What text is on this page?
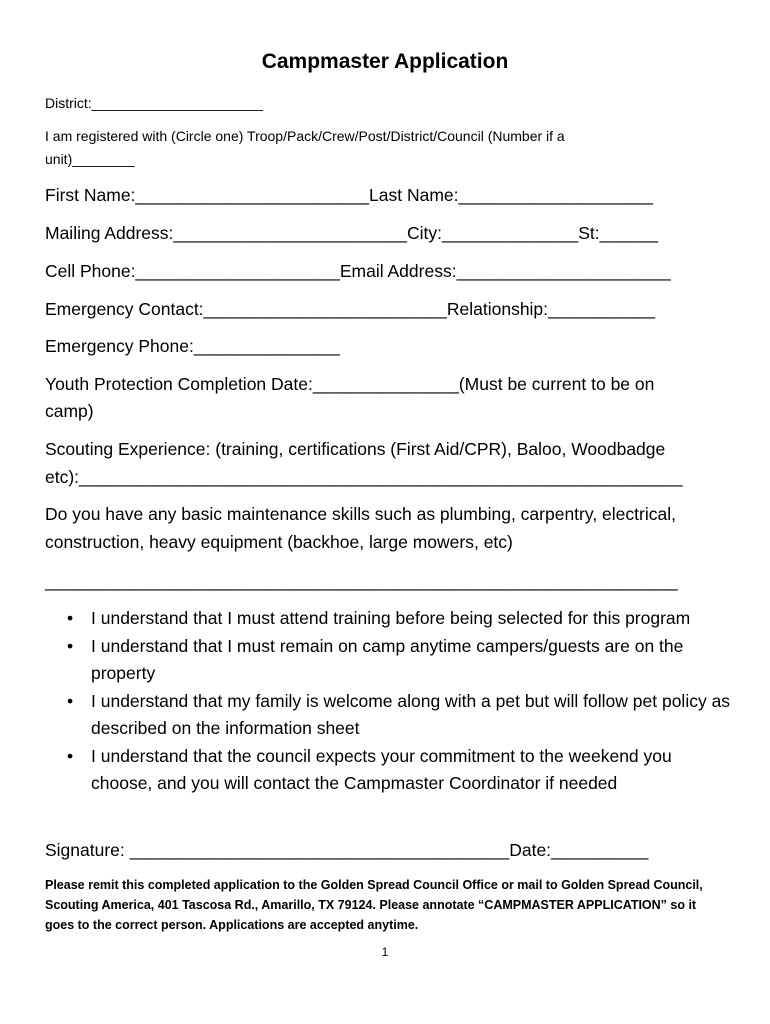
Campmaster Application
District:______________________
I am registered with (Circle one) Troop/Pack/Crew/Post/District/Council (Number if a
unit)________
First Name:________________________Last Name:____________________
Mailing Address:________________________City:______________St:______
Cell Phone:_____________________Email Address:______________________
Emergency Contact:_________________________Relationship:___________
Emergency Phone:_______________
Youth Protection Completion Date:_______________(Must be current to be on
camp)
Scouting Experience: (training, certifications (First Aid/CPR), Baloo, Woodbadge
etc):______________________________________________________________
Do you have any basic maintenance skills such as plumbing, carpentry, electrical,
construction, heavy equipment (backhoe, large mowers, etc)
_________________________________________________________________
• I understand that I must attend training before being selected for this program
• I understand that I must remain on camp anytime campers/guests are on the property
• I understand that my family is welcome along with a pet but will follow pet policy as described on the information sheet
• I understand that the council expects your commitment to the weekend you choose, and you will contact the Campmaster Coordinator if needed
Signature: _______________________________________Date:__________
Please remit this completed application to the Golden Spread Council Office or mail to Golden Spread Council, Scouting America, 401 Tascosa Rd., Amarillo, TX 79124. Please annotate “CAMPMASTER APPLICATION” so it goes to the correct person. Applications are accepted anytime.
1
